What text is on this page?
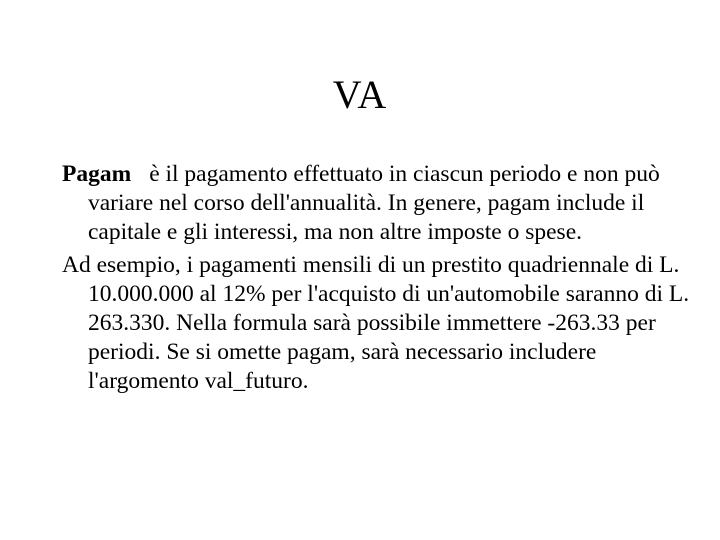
VA

Pagam è il pagamento effettuato in ciascun periodo e non può variare nel corso dell'annualità. In genere, pagam include il capitale e gli interessi, ma non altre imposte o spese.

Ad esempio, i pagamenti mensili di un prestito quadriennale di L. 10.000.000 al 12% per l'acquisto di un'automobile saranno di L. 263.330. Nella formula sarà possibile immettere -263.33 per periodi. Se si omette pagam, sarà necessario includere l'argomento val_futuro.
